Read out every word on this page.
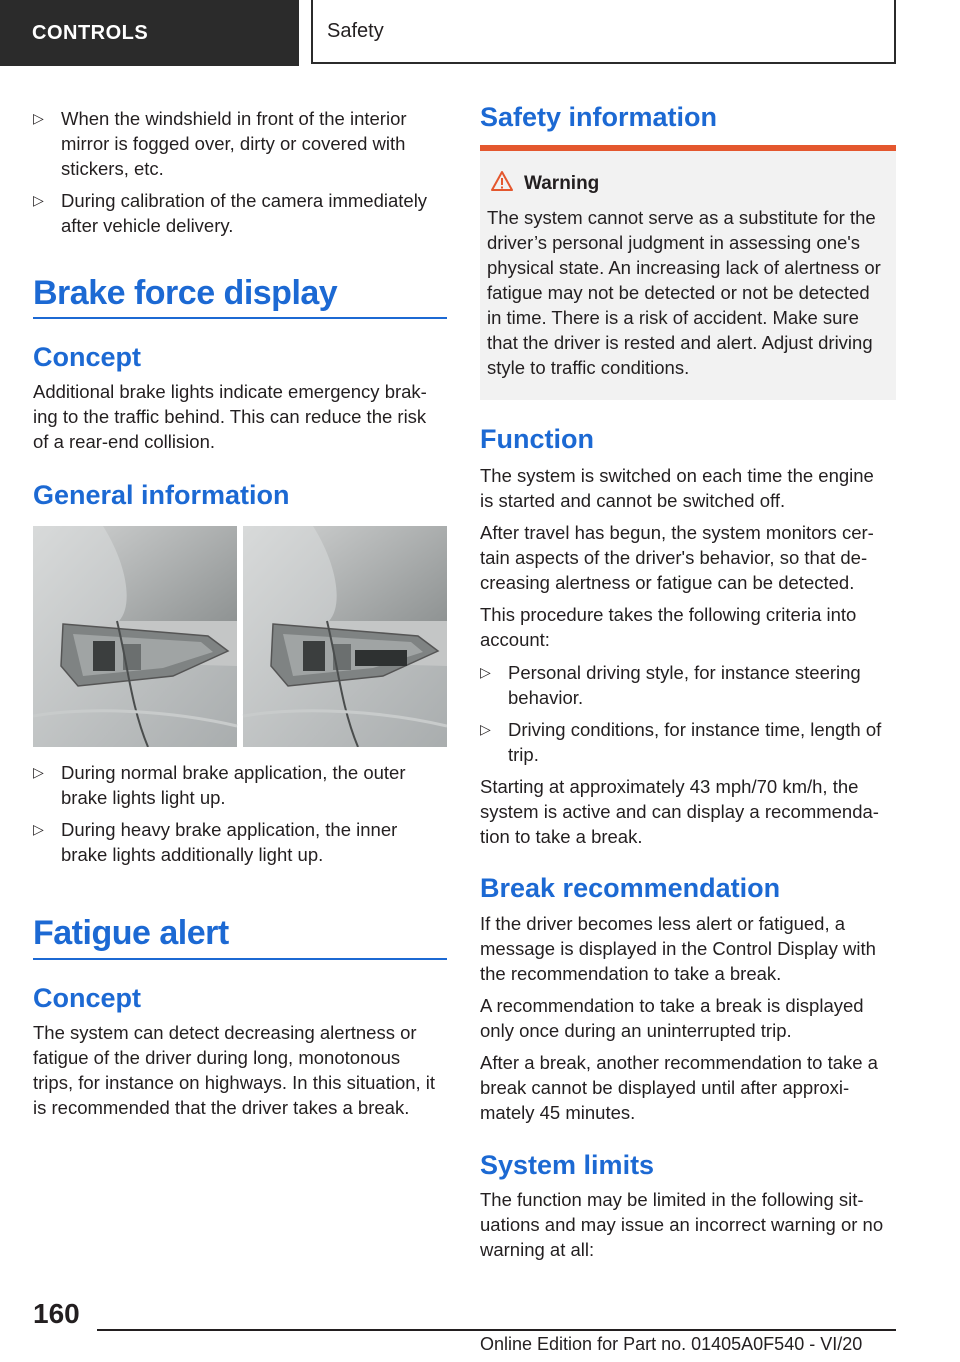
CONTROLS	Safety
▷ When the windshield in front of the interior
mirror is fogged over, dirty or covered with
stickers, etc.
▷ During calibration of the camera immediately
after vehicle delivery.
Brake force display
Concept
Additional brake lights indicate emergency brak-
ing to the traffic behind. This can reduce the risk
of a rear-end collision.
General information
▷ During normal brake application, the outer
brake lights light up.
▷ During heavy brake application, the inner
brake lights additionally light up.
Fatigue alert
Concept
The system can detect decreasing alertness or
fatigue of the driver during long, monotonous
trips, for instance on highways. In this situation, it
is recommended that the driver takes a break.
Safety information
Warning
The system cannot serve as a substitute for the
driver’s personal judgment in assessing one's
physical state. An increasing lack of alertness or
fatigue may not be detected or not be detected
in time. There is a risk of accident. Make sure
that the driver is rested and alert. Adjust driving
style to traffic conditions.
Function
The system is switched on each time the engine
is started and cannot be switched off.
After travel has begun, the system monitors cer-
tain aspects of the driver's behavior, so that de-
creasing alertness or fatigue can be detected.
This procedure takes the following criteria into
account:
▷ Personal driving style, for instance steering
behavior.
▷ Driving conditions, for instance time, length of
trip.
Starting at approximately 43 mph/70 km/h, the
system is active and can display a recommenda-
tion to take a break.
Break recommendation
If the driver becomes less alert or fatigued, a
message is displayed in the Control Display with
the recommendation to take a break.
A recommendation to take a break is displayed
only once during an uninterrupted trip.
After a break, another recommendation to take a
break cannot be displayed until after approxi-
mately 45 minutes.
System limits
The function may be limited in the following sit-
uations and may issue an incorrect warning or no
warning at all:
160
Online Edition for Part no. 01405A0F540 - VI/20
